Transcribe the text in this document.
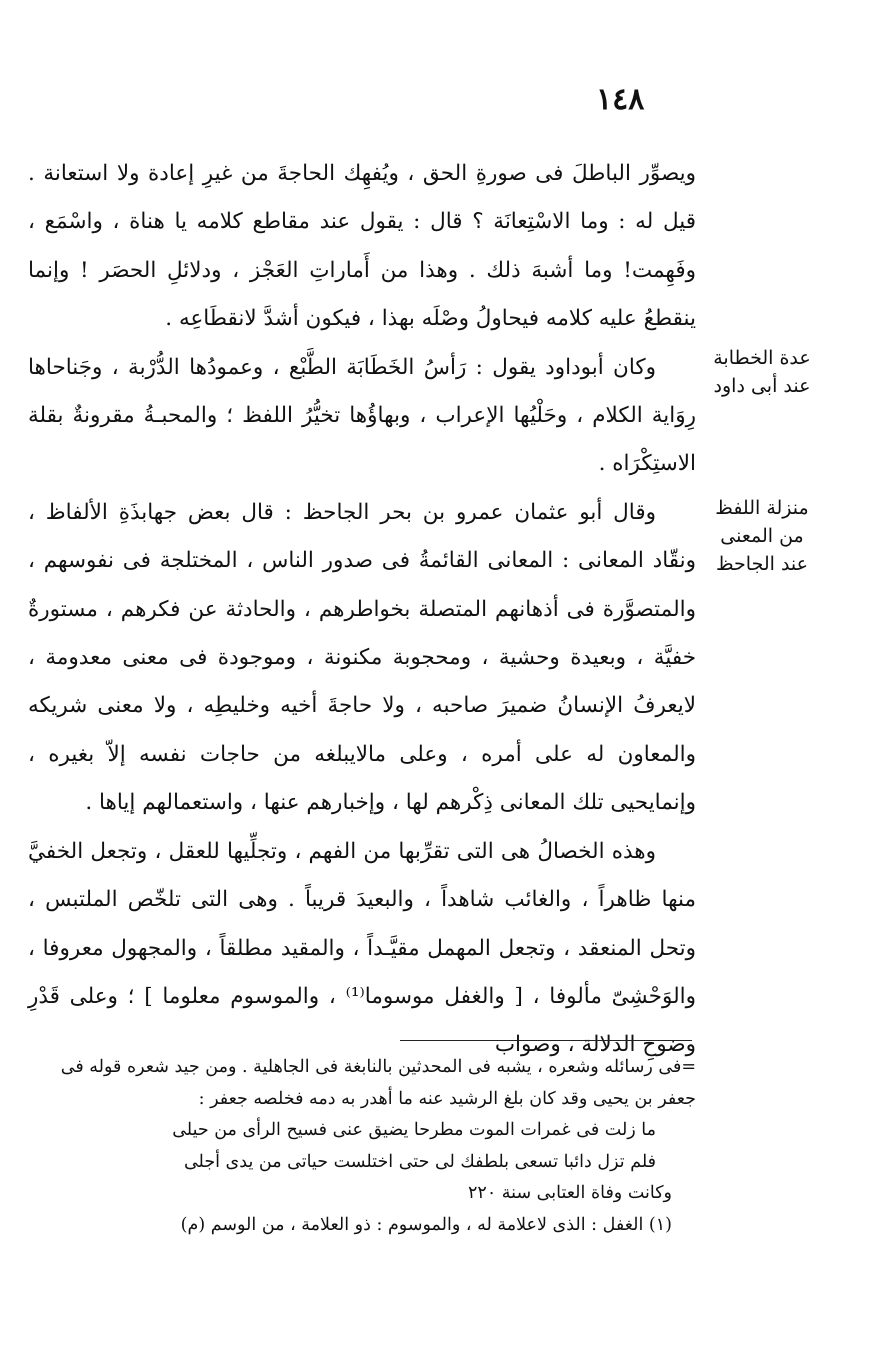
١٤٨
عدة الخطابة عند أبى داود
منزلة اللفظ من المعنى عند الجاحظ

ويصوِّر الباطلَ فى صورةِ الحق ، ويُفهِك الحاجةَ من غيرِ إعادة ولا استعانة . قيل له : وما الاسْتِعانَة ؟ قال : يقول عند مقاطع كلامه يا هناة ، واسْمَع ، وفَهِمت! وما أشبهَ ذلك . وهذا من أَماراتِ العَجْز ، ودلائلِ الحصَر ! وإنما ينقطعُ عليه كلامه فيحاولُ وصْلَه بهذا ، فيكون أشدَّ لانقطَاعِه .

وكان أبوداود يقول : رَأسُ الخَطَابَة الطَّبْع ، وعمودُها الدُّرْبة ، وجَناحاها رِوَاية الكلام ، وحَلْيُها الإعراب ، وبهاؤُها تخيُّرُ اللفظ ؛ والمحبـةُ مقرونةٌ بقلة الاستِكْرَاه .

وقال أبو عثمان عمرو بن بحر الجاحظ : قال بعض جهابذَةِ الألفاظ ، ونقّاد المعانى : المعانى القائمةُ فى صدور الناس ، المختلجة فى نفوسهم ، والمتصوَّرة فى أذهانهم المتصلة بخواطرهم ، والحادثة عن فكرهم ، مستورةٌ خفيَّة ، وبعيدة وحشية ، ومحجوبة مكنونة ، وموجودة فى معنى معدومة ، لايعرفُ الإنسانُ ضميرَ صاحبه ، ولا حاجةَ أخيه وخليطِه ، ولا معنى شريكه والمعاون له على أمره ، وعلى مالايبلغه من حاجات نفسه إلاّ بغيره ، وإنمايحيى تلك المعانى ذِكْرهم لها ، وإخبارهم عنها ، واستعمالهم إياها .

وهذه الخصالُ هى التى تقرِّبها من الفهم ، وتجلِّيها للعقل ، وتجعل الخفيَّ منها ظاهراً ، والغائب شاهداً ، والبعيدَ قريباً . وهى التى تلخّص الملتبس ، وتحل المنعقد ، وتجعل المهمل مقيَّـداً ، والمقيد مطلقاً ، والمجهول معروفا ، والوَحْشِىّ مألوفا ، [ والغفل موسوما⁽¹⁾ ، والموسوم معلوما ] ؛ وعلى قَدْرِ وضوحِ الدلالة ، وصواب

=فى رسائله وشعره ، يشبه فى المحدثين بالنابغة فى الجاهلية . ومن جيد شعره قوله فى جعفر بن يحيى وقد كان بلغ الرشيد عنه ما أهدر به دمه فخلصه جعفر :

ما زلت فى غمرات الموت مطرحا يضيق عنى فسيح الرأى من حيلى

فلم تزل دائبا تسعى بلطفك لى حتى اختلست حياتى من يدى أجلى

وكانت وفاة العتابى سنة ٢٢٠

(١) الغفل : الذى لاعلامة له ، والموسوم : ذو العلامة ، من الوسم (م)
